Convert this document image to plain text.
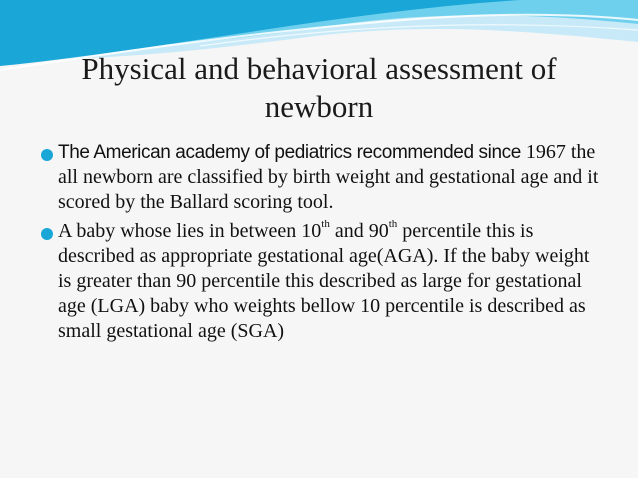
Physical and behavioral assessment of
newborn
The American academy of pediatrics recommended since 1967 the all newborn are classified by birth weight and gestational age and it scored by the Ballard scoring tool.
A baby whose lies in between 10th and 90th percentile this is described as appropriate gestational age(AGA). If the baby weight is greater than 90 percentile this described as large for gestational age (LGA) baby who weights bellow 10 percentile is described as small gestational age (SGA)
